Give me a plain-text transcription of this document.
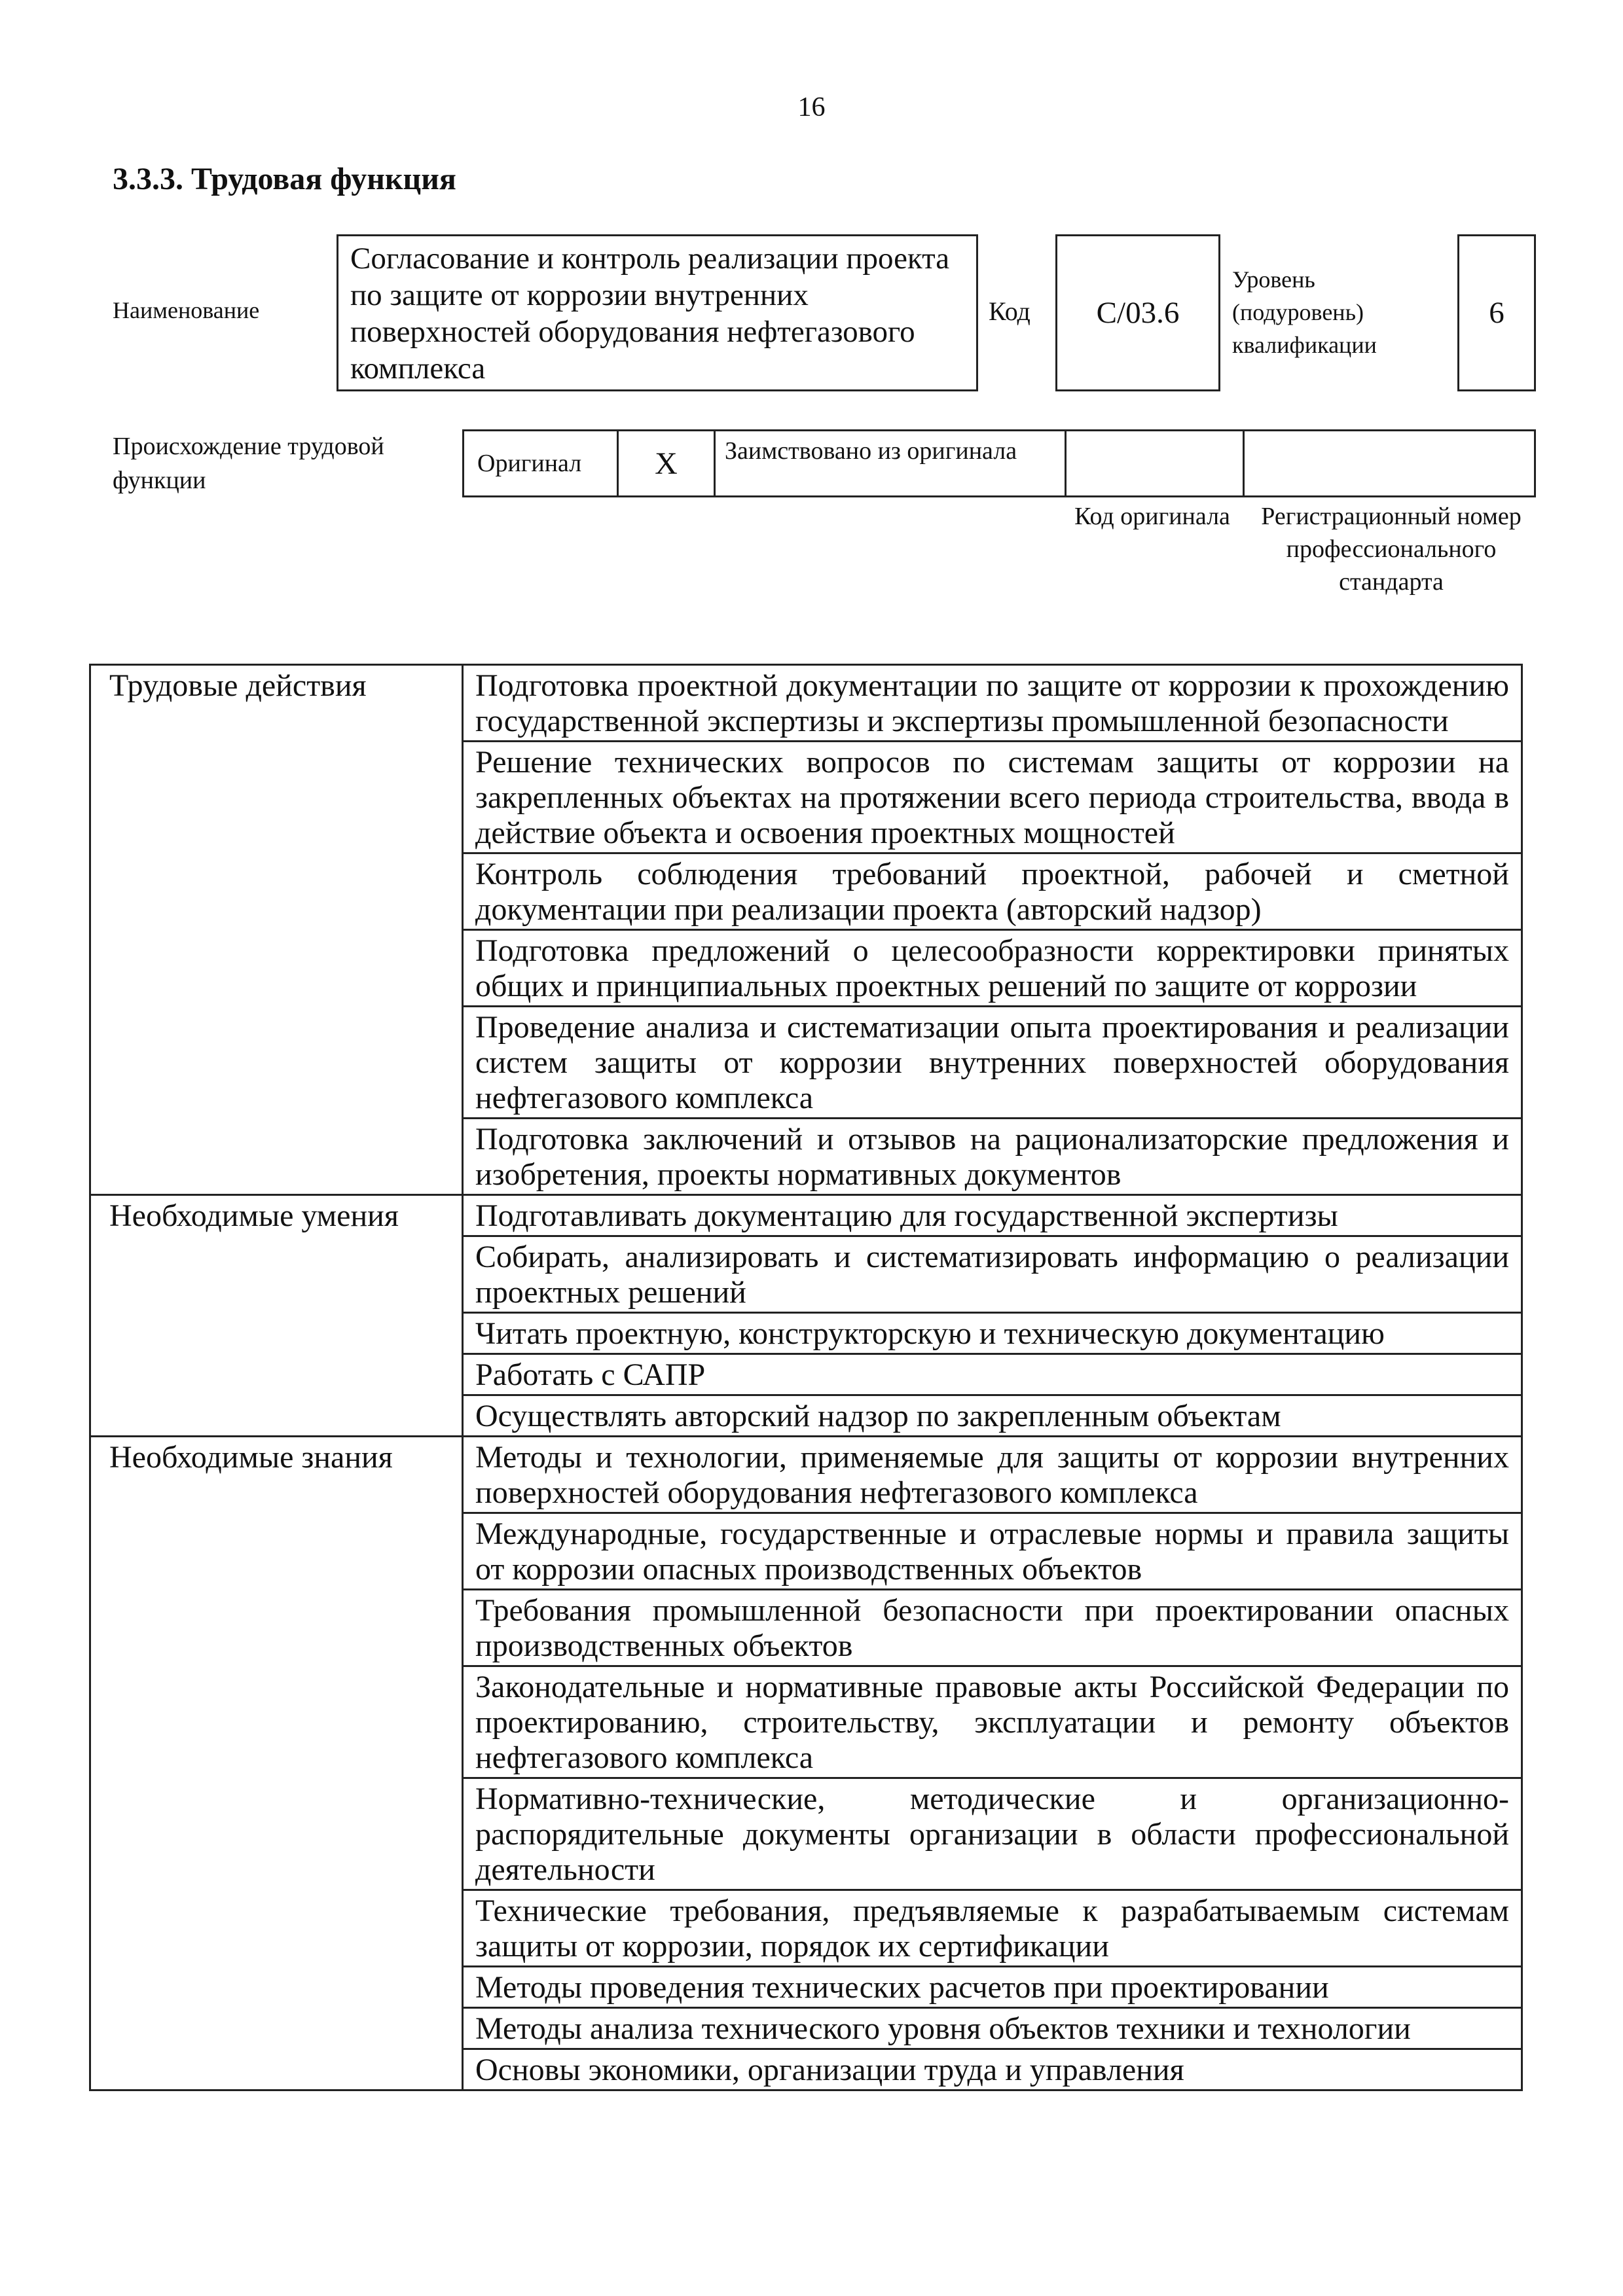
16
3.3.3. Трудовая функция
Наименование
Согласование и контроль реализации проекта по защите от коррозии внутренних поверхностей оборудования нефтегазового комплекса
Код C/03.6
Уровень (подуровень) квалификации
6
Происхождение трудовой функции
Оригинал X	Заимствовано из оригинала
Код оригинала	Регистрационный номер профессионального стандарта
Трудовые действия	Подготовка проектной документации по защите от коррозии к прохождению государственной экспертизы и экспертизы промышленной безопасности
	Решение технических вопросов по системам защиты от коррозии на закрепленных объектах на протяжении всего периода строительства, ввода в действие объекта и освоения проектных мощностей
	Контроль соблюдения требований проектной, рабочей и сметной документации при реализации проекта (авторский надзор)
	Подготовка предложений о целесообразности корректировки принятых общих и принципиальных проектных решений по защите от коррозии
	Проведение анализа и систематизации опыта проектирования и реализации систем защиты от коррозии внутренних поверхностей оборудования нефтегазового комплекса
	Подготовка заключений и отзывов на рационализаторские предложения и изобретения, проекты нормативных документов
Необходимые умения	Подготавливать документацию для государственной экспертизы
	Собирать, анализировать и систематизировать информацию о реализации проектных решений
	Читать проектную, конструкторскую и техническую документацию
	Работать с САПР
	Осуществлять авторский надзор по закрепленным объектам
Необходимые знания	Методы и технологии, применяемые для защиты от коррозии внутренних поверхностей оборудования нефтегазового комплекса
	Международные, государственные и отраслевые нормы и правила защиты от коррозии опасных производственных объектов
	Требования промышленной безопасности при проектировании опасных производственных объектов
	Законодательные и нормативные правовые акты Российской Федерации по проектированию, строительству, эксплуатации и ремонту объектов нефтегазового комплекса
	Нормативно-технические, методические и организационно-распорядительные документы организации в области профессиональной деятельности
	Технические требования, предъявляемые к разрабатываемым системам защиты от коррозии, порядок их сертификации
	Методы проведения технических расчетов при проектировании
	Методы анализа технического уровня объектов техники и технологии
	Основы экономики, организации труда и управления
